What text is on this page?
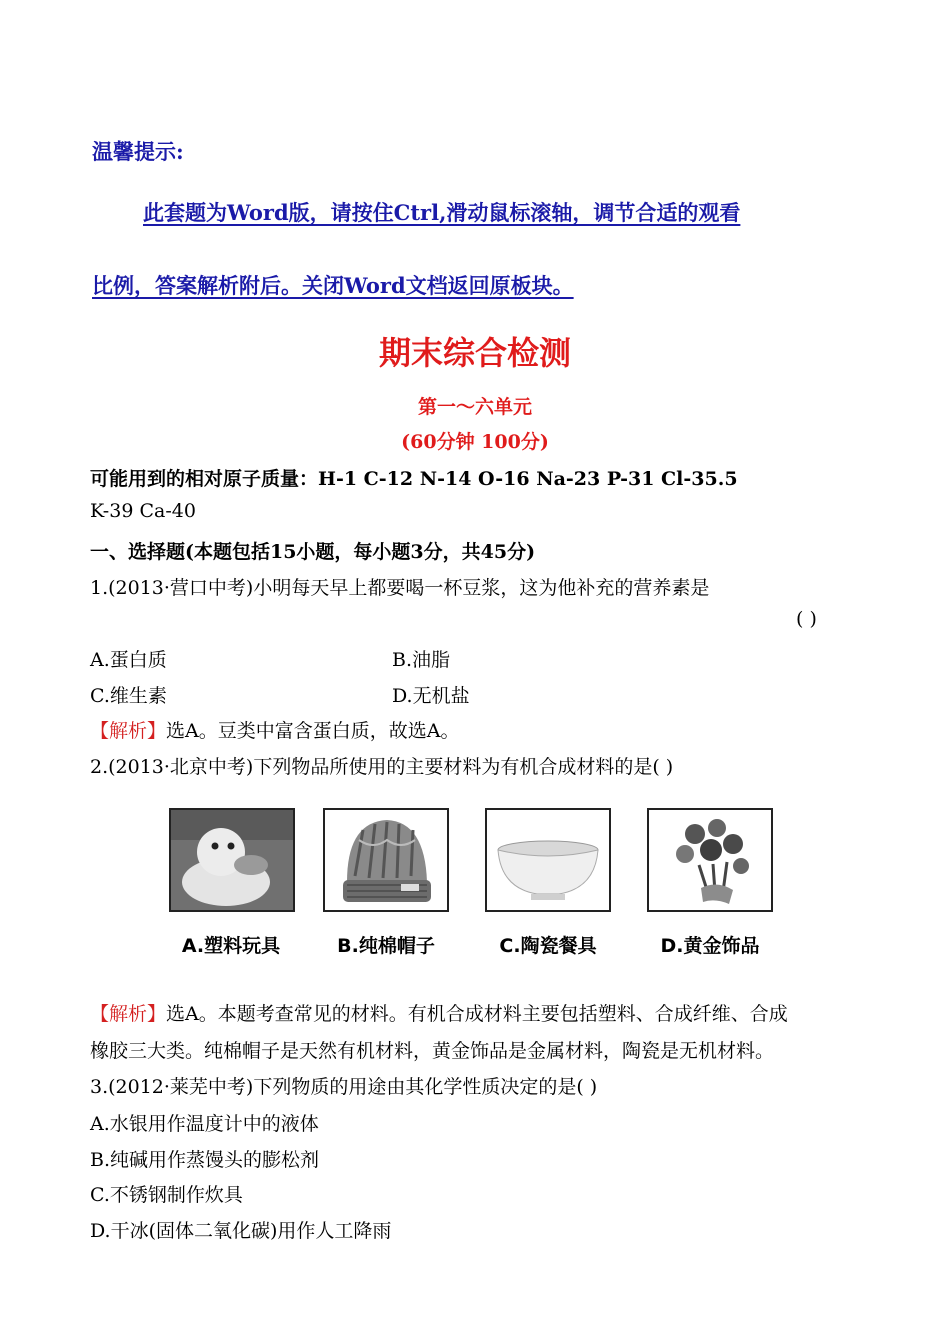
温馨提示:
此套题为Word版，请按住Ctrl,滑动鼠标滚轴，调节合适的观看
比例，答案解析附后。关闭Word文档返回原板块。
期末综合检测
第一～六单元
(60分钟 100分)
可能用到的相对原子质量：H-1 C-12 N-14 O-16 Na-23 P-31 Cl-35.5
K-39 Ca-40
一、选择题(本题包括15小题，每小题3分，共45分)
1.(2013·营口中考)小明每天早上都要喝一杯豆浆，这为他补充的营养素是
( )
A.蛋白质	B.油脂
C.维生素	D.无机盐
【解析】选A。豆类中富含蛋白质，故选A。
2.(2013·北京中考)下列物品所使用的主要材料为有机合成材料的是( )
A.塑料玩具	B.纯棉帽子	C.陶瓷餐具	D.黄金饰品
【解析】选A。本题考查常见的材料。有机合成材料主要包括塑料、合成纤维、合成
橡胶三大类。纯棉帽子是天然有机材料，黄金饰品是金属材料，陶瓷是无机材料。
3.(2012·莱芜中考)下列物质的用途由其化学性质决定的是( )
A.水银用作温度计中的液体
B.纯碱用作蒸馒头的膨松剂
C.不锈钢制作炊具
D.干冰(固体二氧化碳)用作人工降雨
